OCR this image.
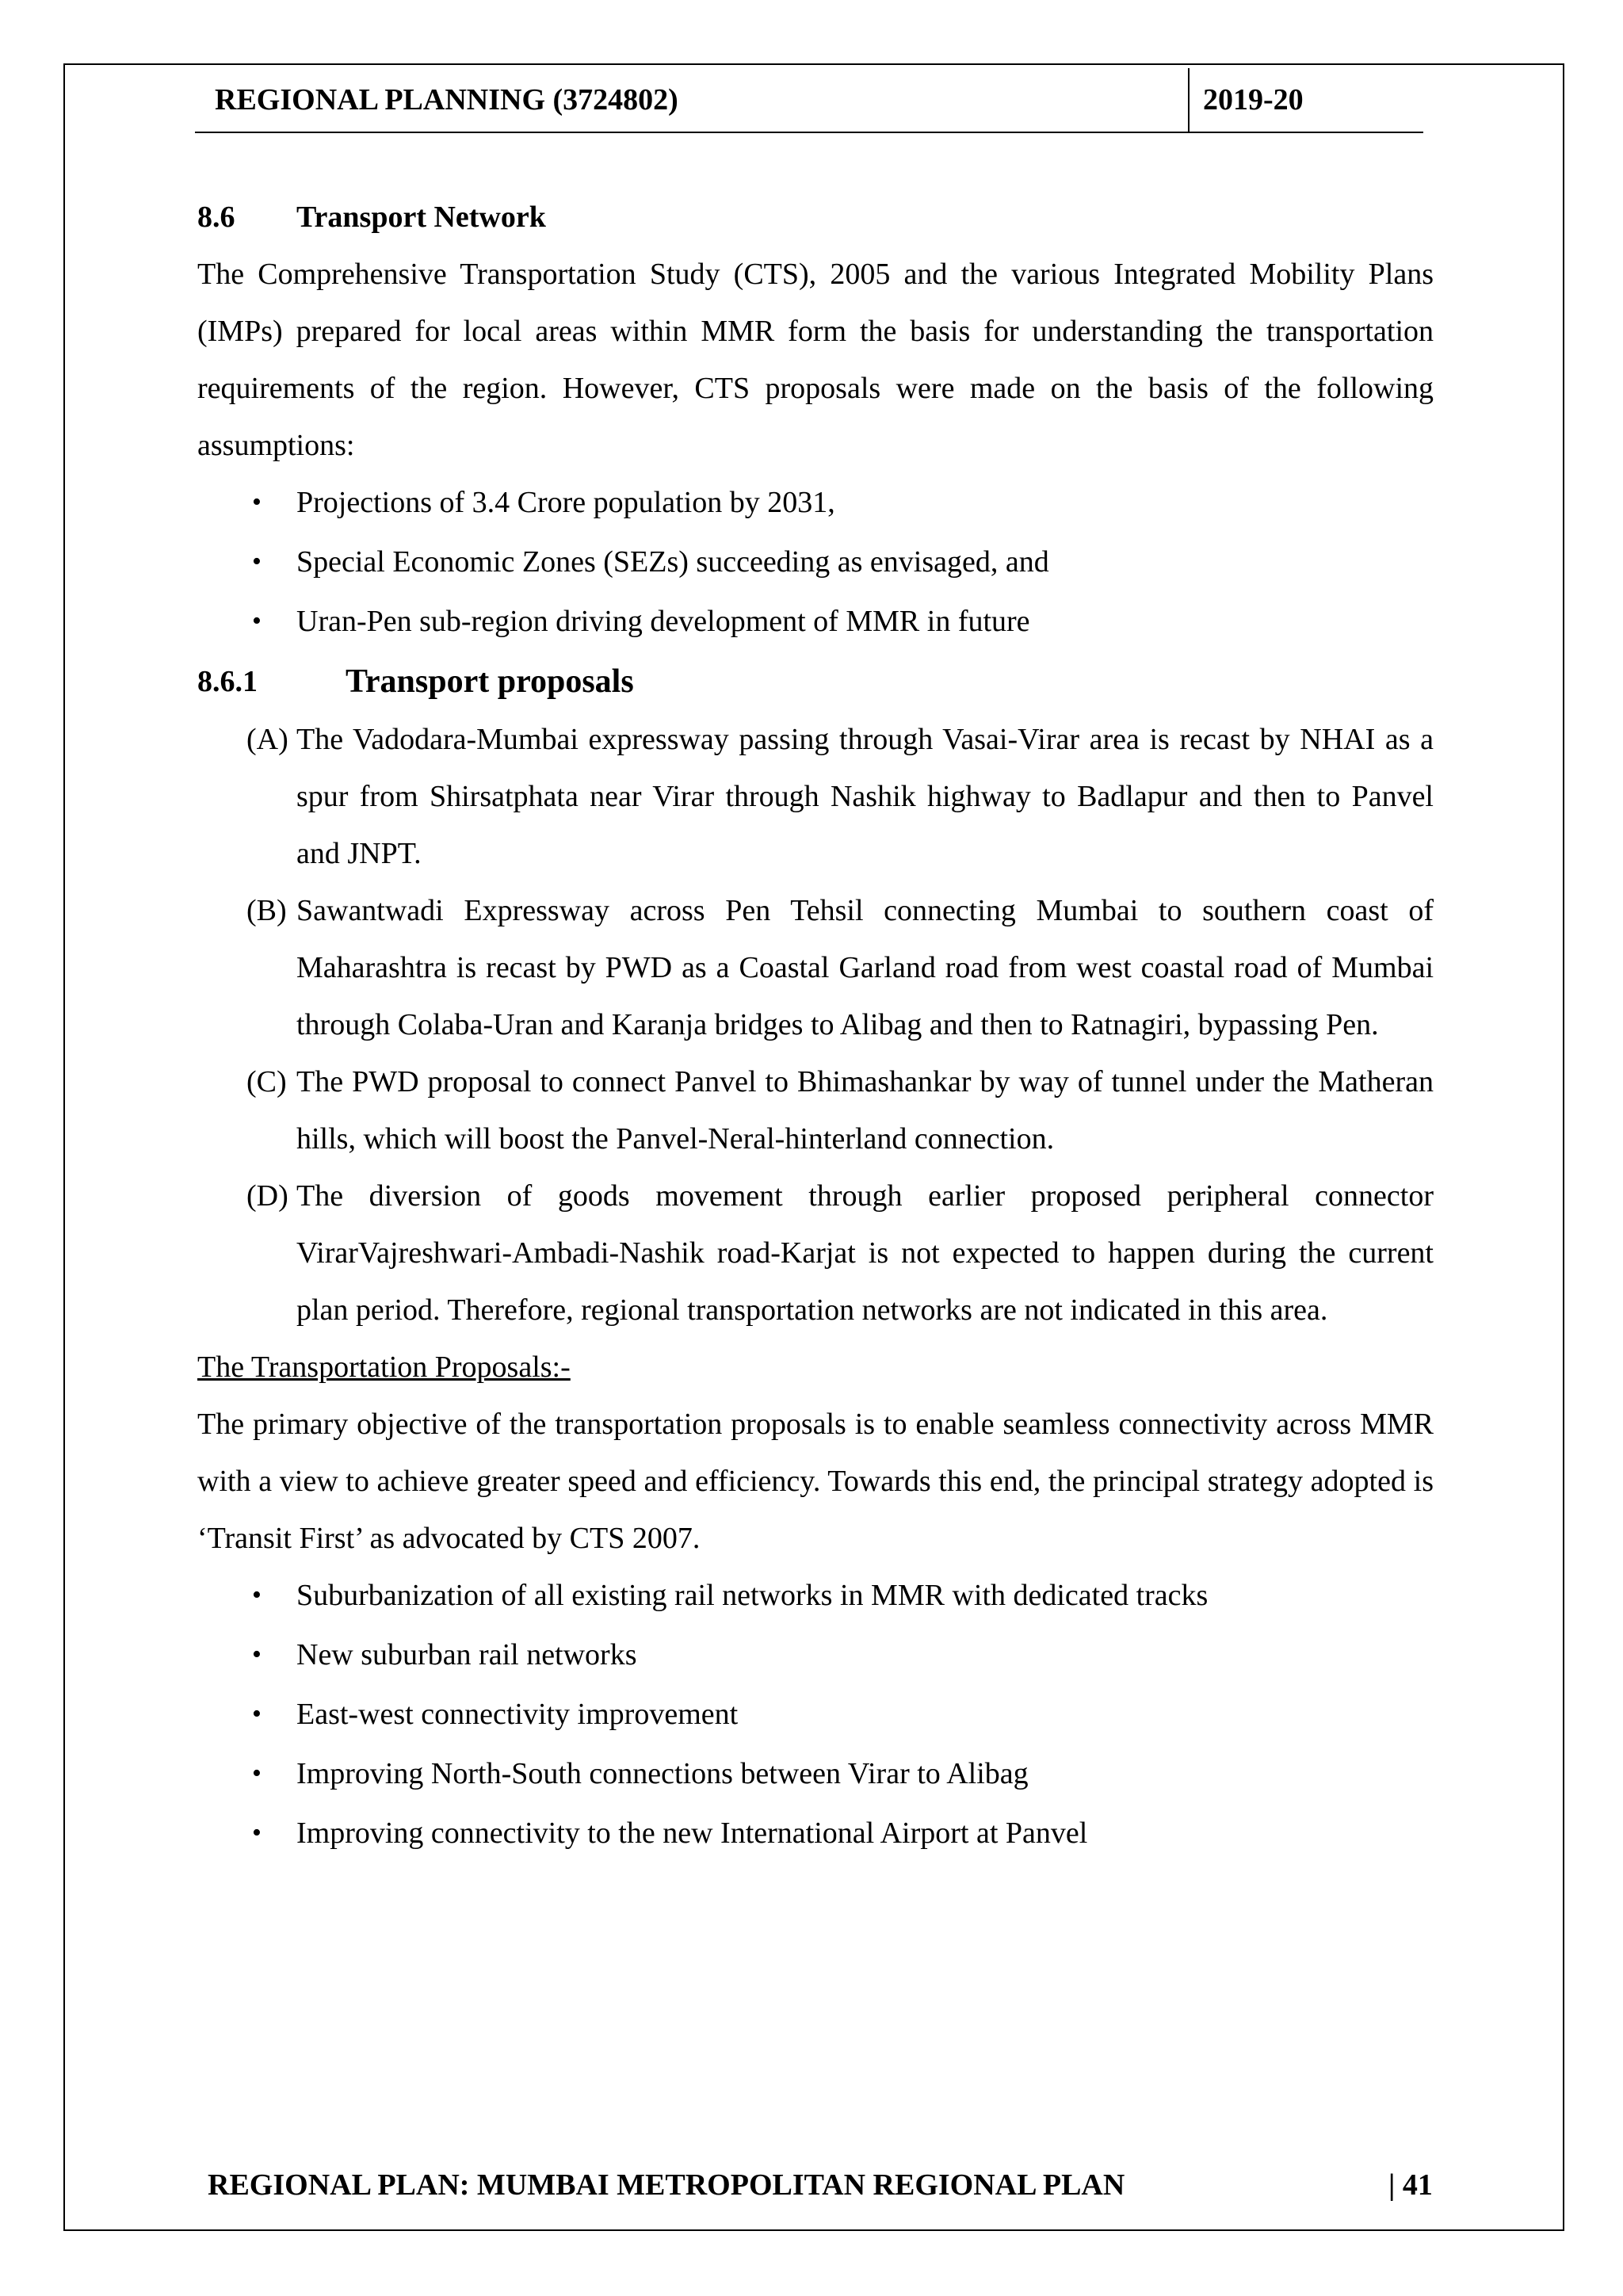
REGIONAL PLANNING (3724802)	2019-20
8.6	Transport Network

The Comprehensive Transportation Study (CTS), 2005 and the various Integrated Mobility Plans (IMPs) prepared for local areas within MMR form the basis for understanding the transportation requirements of the region. However, CTS proposals were made on the basis of the following assumptions:

• Projections of 3.4 Crore population by 2031,
• Special Economic Zones (SEZs) succeeding as envisaged, and
• Uran-Pen sub-region driving development of MMR in future
8.6.1	Transport proposals
(A) The Vadodara-Mumbai expressway passing through Vasai-Virar area is recast by NHAI as a spur from Shirsatphata near Virar through Nashik highway to Badlapur and then to Panvel and JNPT.
(B) Sawantwadi Expressway across Pen Tehsil connecting Mumbai to southern coast of Maharashtra is recast by PWD as a Coastal Garland road from west coastal road of Mumbai through Colaba-Uran and Karanja bridges to Alibag and then to Ratnagiri, bypassing Pen.
(C) The PWD proposal to connect Panvel to Bhimashankar by way of tunnel under the Matheran hills, which will boost the Panvel-Neral-hinterland connection.
(D) The diversion of goods movement through earlier proposed peripheral connector VirarVajreshwari-Ambadi-Nashik road-Karjat is not expected to happen during the current plan period. Therefore, regional transportation networks are not indicated in this area.
The Transportation Proposals:-

The primary objective of the transportation proposals is to enable seamless connectivity across MMR with a view to achieve greater speed and efficiency. Towards this end, the principal strategy adopted is ‘Transit First’ as advocated by CTS 2007.

• Suburbanization of all existing rail networks in MMR with dedicated tracks
• New suburban rail networks
• East-west connectivity improvement
• Improving North-South connections between Virar to Alibag
• Improving connectivity to the new International Airport at Panvel
REGIONAL PLAN: MUMBAI METROPOLITAN REGIONAL PLAN	| 41
